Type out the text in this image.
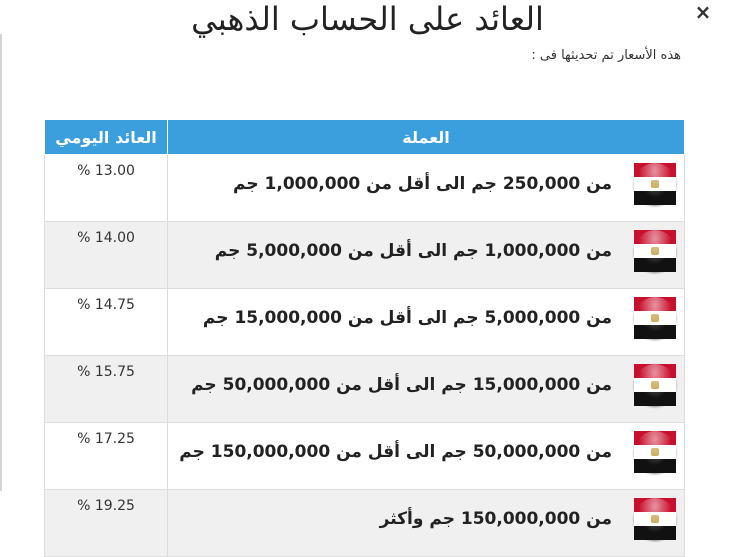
×
العائد على الحساب الذهبي
هذه الأسعار تم تحديثها فى :
العائد اليومي	العملة
13.00 %	من 250,000 جم الى أقل من 1,000,000 جم

14.00 %	من 1,000,000 جم الى أقل من 5,000,000 جم

14.75 %	من 5,000,000 جم الى أقل من 15,000,000 جم

15.75 %	من 15,000,000 جم الى أقل من 50,000,000 جم

17.25 %	من 50,000,000 جم الى أقل من 150,000,000 جم

19.25 %	من 150,000,000 جم وأكثر
